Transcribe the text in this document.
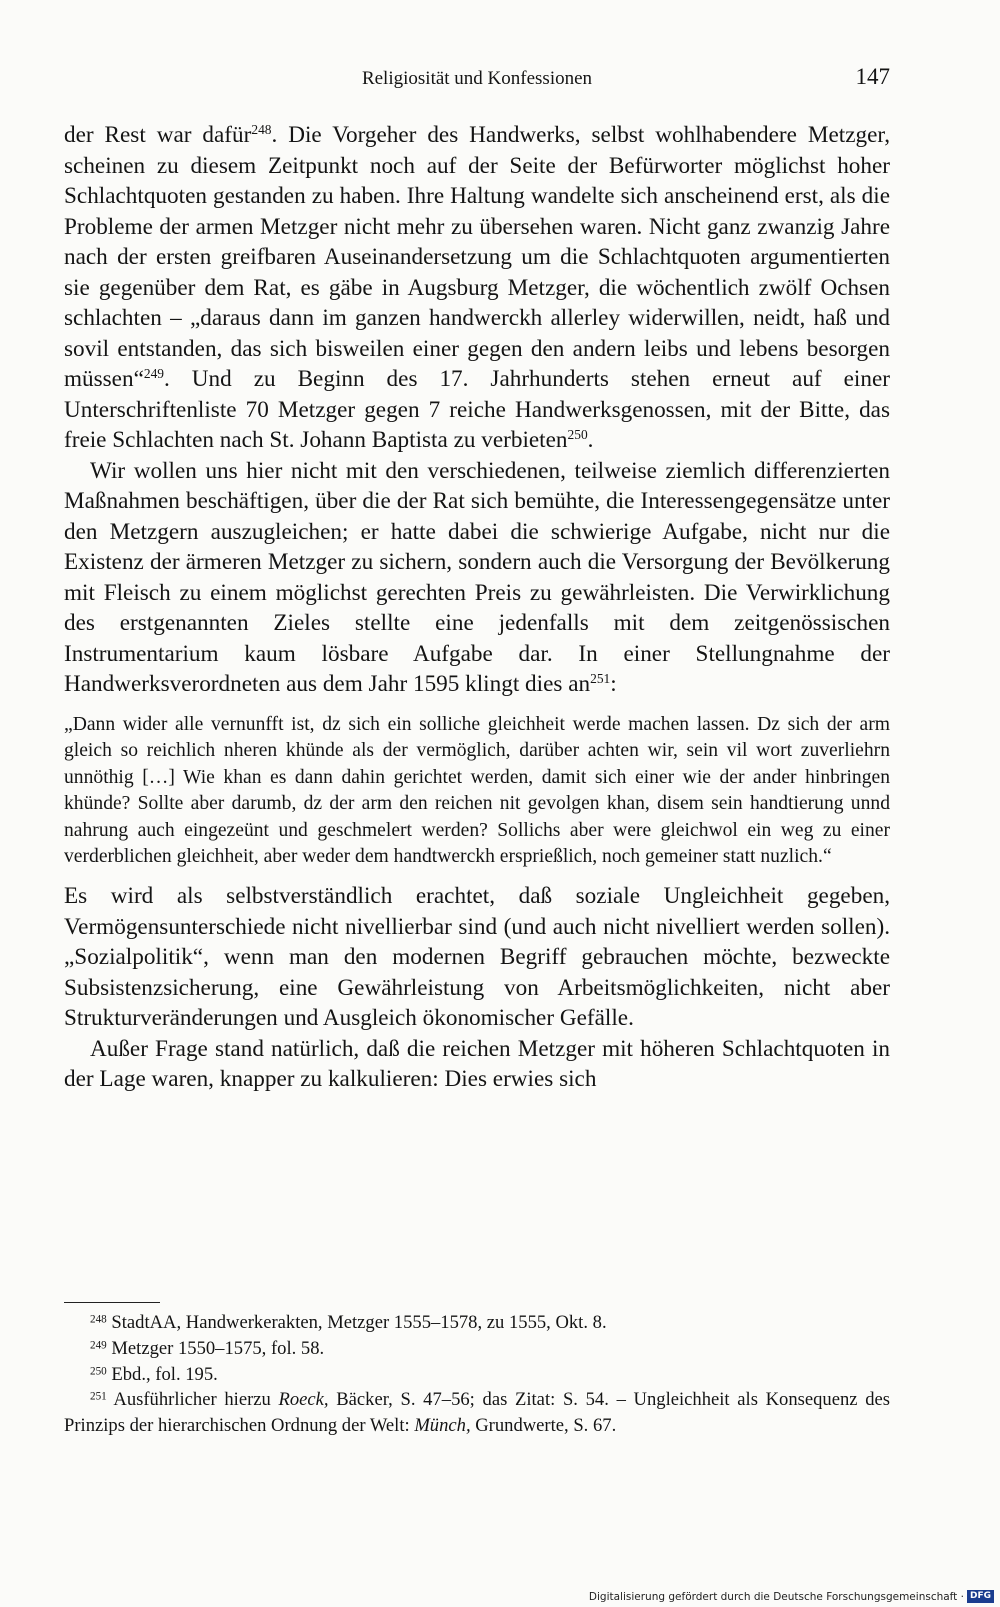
Religiosität und Konfessionen	147

der Rest war dafür$^{248}$. Die Vorgeher des Handwerks, selbst wohlhabendere Metzger, scheinen zu diesem Zeitpunkt noch auf der Seite der Befürworter möglichst hoher Schlachtquoten gestanden zu haben. Ihre Haltung wandelte sich anscheinend erst, als die Probleme der armen Metzger nicht mehr zu übersehen waren. Nicht ganz zwanzig Jahre nach der ersten greifbaren Auseinandersetzung um die Schlachtquoten argumentierten sie gegenüber dem Rat, es gäbe in Augsburg Metzger, die wöchentlich zwölf Ochsen schlachten – „daraus dann im ganzen handwerckh allerley widerwillen, neidt, haß und sovil entstanden, das sich bisweilen einer gegen den andern leibs und lebens besorgen müssen“$^{249}$. Und zu Beginn des 17. Jahrhunderts stehen erneut auf einer Unterschriftenliste 70 Metzger gegen 7 reiche Handwerksgenossen, mit der Bitte, das freie Schlachten nach St. Johann Baptista zu verbieten$^{250}$.

Wir wollen uns hier nicht mit den verschiedenen, teilweise ziemlich differenzierten Maßnahmen beschäftigen, über die der Rat sich bemühte, die Interessengegensätze unter den Metzgern auszugleichen; er hatte dabei die schwierige Aufgabe, nicht nur die Existenz der ärmeren Metzger zu sichern, sondern auch die Versorgung der Bevölkerung mit Fleisch zu einem möglichst gerechten Preis zu gewährleisten. Die Verwirklichung des erstgenannten Zieles stellte eine jedenfalls mit dem zeitgenössischen Instrumentarium kaum lösbare Aufgabe dar. In einer Stellungnahme der Handwerksverordneten aus dem Jahr 1595 klingt dies $an^{251}$:

„Dann wider alle vernunfft ist, dz sich ein solliche gleichheit werde machen lassen. Dz sich der arm gleich so reichlich nheren khünde als der vermöglich, darüber achten wir, sein vil wort zuverliehrn unnöthig […] Wie khan es dann dahin gerichtet werden, damit sich einer wie der ander hinbringen khünde? Sollte aber darumb, dz der arm den reichen nit gevolgen khan, disem sein handtierung unnd nahrung auch eingezeünt und geschmelert werden? Sollichs aber were gleichwol ein weg zu einer verderblichen gleichheit, aber weder dem handtwerckh ersprießlich, noch gemeiner statt nuzlich.“

Es wird als selbstverständlich erachtet, daß soziale Ungleichheit gegeben, Vermögensunterschiede nicht nivellierbar sind (und auch nicht nivelliert werden sollen). „Sozialpolitik“, wenn man den modernen Begriff gebrauchen möchte, bezweckte Subsistenzsicherung, eine Gewährleistung von Arbeitsmöglichkeiten, nicht aber Strukturveränderungen und Ausgleich ökonomischer Gefälle.

Außer Frage stand natürlich, daß die reichen Metzger mit höheren Schlachtquoten in der Lage waren, knapper zu kalkulieren: Dies erwies sich

$^{248}$ StadtAA, Handwerkerakten, Metzger 1555–1578, zu 1555, Okt. 8.

$^{249}$ Metzger 1550–1575, fol. 58.

$^{250}$ Ebd., fol. 195.

$^{251}$ Ausführlicher hierzu Roeck, Bäcker, S. 47–56; das Zitat: S. 54. – Ungleichheit als Konsequenz des Prinzips der hierarchischen Ordnung der Welt: Münch, Grundwerte, S. 67.

Digitalisierung gefördert durch die Deutsche Forschungsgemeinschaft · DFG
